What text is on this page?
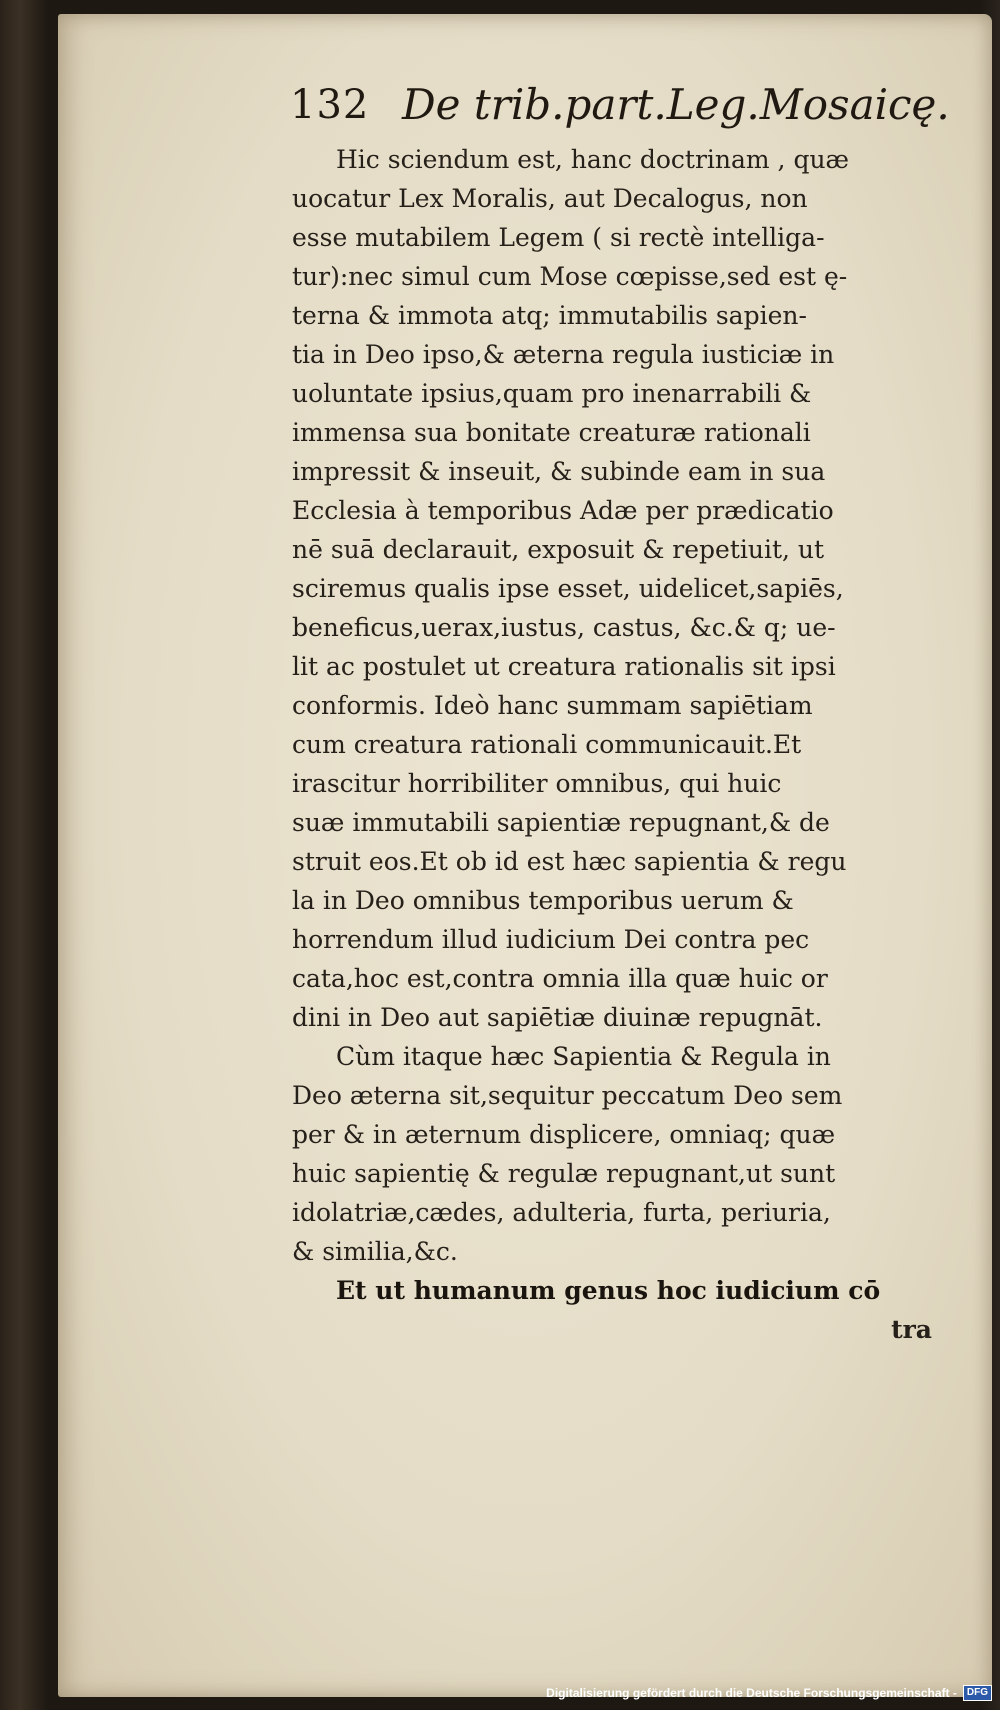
132 De trib.part.Leg.Mosaicę.
Hic sciendum est, hanc doctrinam , quæ
uocatur Lex Moralis, aut Decalogus, non
esse mutabilem Legem ( si rectè intelliga-
tur):nec simul cum Mose cœpisse,sed est ę-
terna & immota atq; immutabilis sapien-
tia in Deo ipso,& æterna regula iusticiæ in
uoluntate ipsius,quam pro inenarrabili &
immensa sua bonitate creaturæ rationali
impressit & inseuit, & subinde eam in sua
Ecclesia à temporibus Adæ per prædicatio
nē suā declarauit, exposuit & repetiuit, ut
sciremus qualis ipse esset, uidelicet,sapiēs,
beneficus,uerax,iustus, castus, &c.& q; ue-
lit ac postulet ut creatura rationalis sit ipsi
conformis. Ideò hanc summam sapiētiam
cum creatura rationali communicauit.Et
irascitur horribiliter omnibus, qui huic
suæ immutabili sapientiæ repugnant,& de
struit eos.Et ob id est hæc sapientia & regu
la in Deo omnibus temporibus uerum &
horrendum illud iudicium Dei contra pec
cata,hoc est,contra omnia illa quæ huic or
dini in Deo aut sapiētiæ diuinæ repugnāt.
Cùm itaque hæc Sapientia & Regula in
Deo æterna sit,sequitur peccatum Deo sem
per & in æternum displicere, omniaq; quæ
huic sapientię & regulæ repugnant,ut sunt
idolatriæ,cædes, adulteria, furta, periuria,
& similia,&c.
Et ut humanum genus hoc iudicium cō
tra
Digitalisierung gefördert durch die Deutsche Forschungsgemeinschaft -	DFG
